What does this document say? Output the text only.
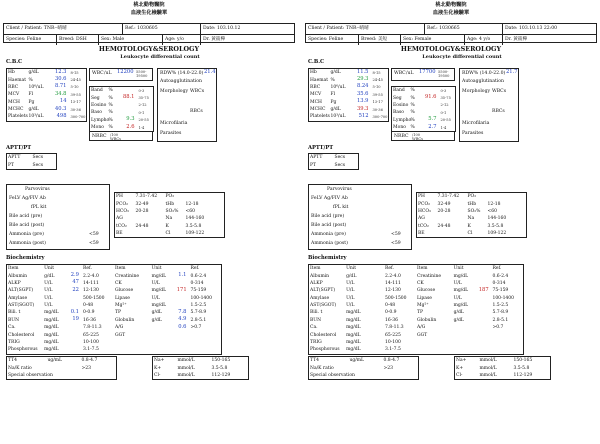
桃北動物醫院
血液生化檢驗單
Client / Patient: TNR--晴晴	Ref.: 1030605	Date: 103.10.12
Species: Feline	Breed: DSH	Sex: Male	Age: y/o	Dr. 黃筱樺
HEMOTOLOGY&SEROLOGY
Leukocyte differential count
C.B.C
Hb	g/dL	12.3	8-15
Haemat	%	30.6	24-45
RBC	10⁶/uL	8.71	5-10
MCV	Fl	34.8	39-55
MCH	Pg	14	13-17
MCHC	g/dL	40.3	30-36
Platelets	10³/uL	498	300-700
WBC /uL 12200 5500-19500
Band	%		0-3
Seg	%	88.1	35-75
Eosino	%		2-12
Baso	%		0-1
Lympho	%	9.3	20-55
Mono	%	2.6	1-4
NRBC /100 WBCs
RDW% (14.0-22.0) 21.4
Autoagglutination
Morphology WBCs
RBCs
Microfilaria
Parasites
APTT/PT
APTT	Secs
PT	Secs
Parvovirus
FeLV Ag/FIV Ab
fPL kit
Bile acid (pre)
Bile acid (post)
Ammonia (pre)
Ammonia (post)
<59
<59
PH	7.31-7.42	PO₂	
PCO₂	32-49	tHb	12-18
HCO₃	20-28	SO₂%	<60
AG		Na	144-160
tCO₂	24-48	K	3.5-5.8
BE		Cl	109-122
Biochemistry
Item	Unit		Ref.	Item	Unit		Ref.
Albumin	g/dL	2.9	2.2-4.0	Creatinine	mg/dL	1.1	0.6-2.4
ALKP	U/L	47	14-111	CK	U/L		0-314
ALT(SGPT)	U/L	22	12-130	Glucose	mg/dL	171	75-159
Amylase	U/L		500-1500	Lipase	U/L		100-1400
AST(SGOT)	U/L		0-48	Mg²⁺	mg/dL		1.5-2.5
Bili. t	mg/dL	0.1	0-0.9	TP	g/dL	7.8	5.7-8.9
BUN	mg/dL	19	16-36	Globulin	g/dL	4.9	2.8-5.1
Ca.	mg/dL		7.8-11.3	A/G		0.6	>0.7
Cholesterol	mg/dL		65-225	GGT			
TRIG	mg/dL		10-100				
Phosphorous	mg/dL		3.1-7.5				
TT4	ug/mL	0.8-4.7
Na/K ratio		>23
Special observation		
Na+	mmol/L	150-165
K+	mmol/L	3.5-5.8
Cl-	mmol/L	112-129
桃北動物醫院
血液生化檢驗單
Client / Patient: TNR--晴晴	Ref.: 1030665	Date: 103.10.13 22:00
Species: Feline	Breed: 美短	Sex: Female	Age: 4 y/o	Dr. 黃筱樺
HEMOTOLOGY&SEROLOGY
Leukocyte differential count
C.B.C
Hb	g/dL	11.5	8-15
Haemat	%	29.3	24-45
RBC	10⁶/uL	8.24	5-10
MCV	Fl	35.6	39-55
MCH	Pg	13.9	13-17
MCHC	g/dL	39.3	30-36
Platelets	10³/uL	512	300-700
WBC /uL 17700 5500-19500
Band	%		0-3
Seg	%	91.6	35-75
Eosino	%		2-12
Baso	%		0-1
Lympho	%	5.7	20-55
Mono	%	2.7	1-4
NRBC /100 WBCs
RDW% (14.0-22.0) 21.7
Autoagglutination
Morphology WBCs
RBCs
Microfilaria
Parasites
APTT/PT
APTT	Secs
PT	Secs
Parvovirus
FeLV Ag/FIV Ab
fPL kit
Bile acid (pre)
Bile acid (post)
Ammonia (pre)
Ammonia (post)
<59
<59
PH	7.31-7.42	PO₂	
PCO₂	32-49	tHb	12-18
HCO₃	20-28	SO₂%	<60
AG		Na	144-160
tCO₂	24-48	K	3.5-5.8
BE		Cl	109-122
Biochemistry
Item	Unit		Ref.	Item	Unit		Ref.
Albumin	g/dL		2.2-4.0	Creatinine	mg/dL		0.6-2.4
ALKP	U/L		14-111	CK	U/L		0-314
ALT(SGPT)	U/L		12-130	Glucose	mg/dL	187	75-159
Amylase	U/L		500-1500	Lipase	U/L		100-1400
AST(SGOT)	U/L		0-48	Mg²⁺	mg/dL		1.5-2.5
Bili. t	mg/dL		0-0.9	TP	g/dL		5.7-8.9
BUN	mg/dL		16-36	Globulin	g/dL		2.8-5.1
Ca.	mg/dL		7.8-11.3	A/G			>0.7
Cholesterol	mg/dL		65-225	GGT			
TRIG	mg/dL		10-100				
Phosphorous	mg/dL		3.1-7.5				
TT4	ug/mL	0.8-4.7
Na/K ratio		>23
Special observation		
Na+	mmol/L	150-165
K+	mmol/L	3.5-5.8
Cl-	mmol/L	112-129
